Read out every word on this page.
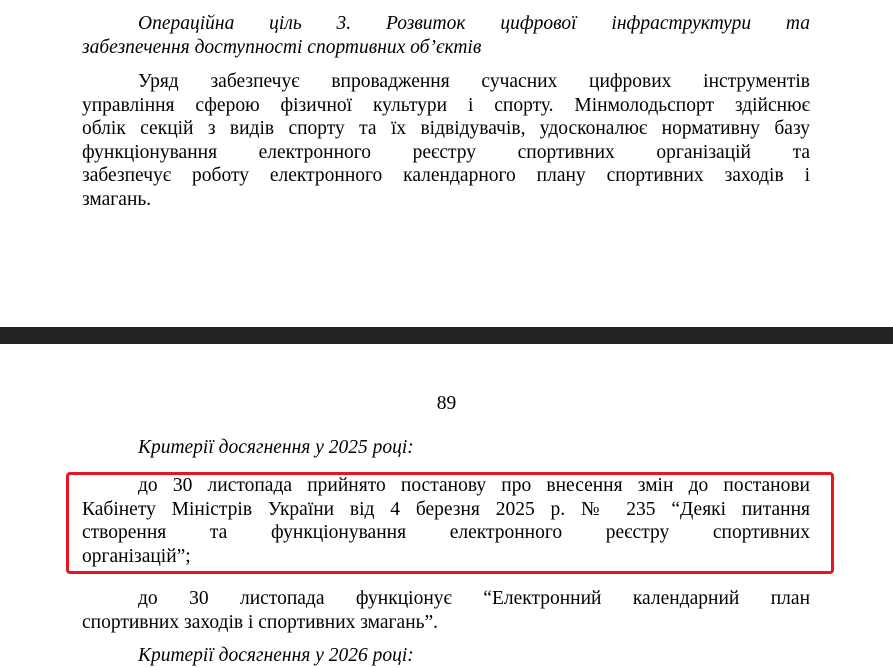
Операційна ціль 3. Розвиток цифрової інфраструктури та
забезпечення доступності спортивних об’єктів
Уряд забезпечує впровадження сучасних цифрових інструментів
управління сферою фізичної культури і спорту. Мінмолодьспорт здійснює
облік секцій з видів спорту та їх відвідувачів, удосконалює нормативну базу
функціонування електронного реєстру спортивних організацій та
забезпечує роботу електронного календарного плану спортивних заходів і
змагань.
89
Критерії досягнення у 2025 році:
до 30 листопада прийнято постанову про внесення змін до постанови
Кабінету Міністрів України від 4 березня 2025 р. № 235 “Деякі питання
створення та функціонування електронного реєстру спортивних
організацій”;
до 30 листопада функціонує “Електронний календарний план
спортивних заходів і спортивних змагань”.
Критерії досягнення у 2026 році:
